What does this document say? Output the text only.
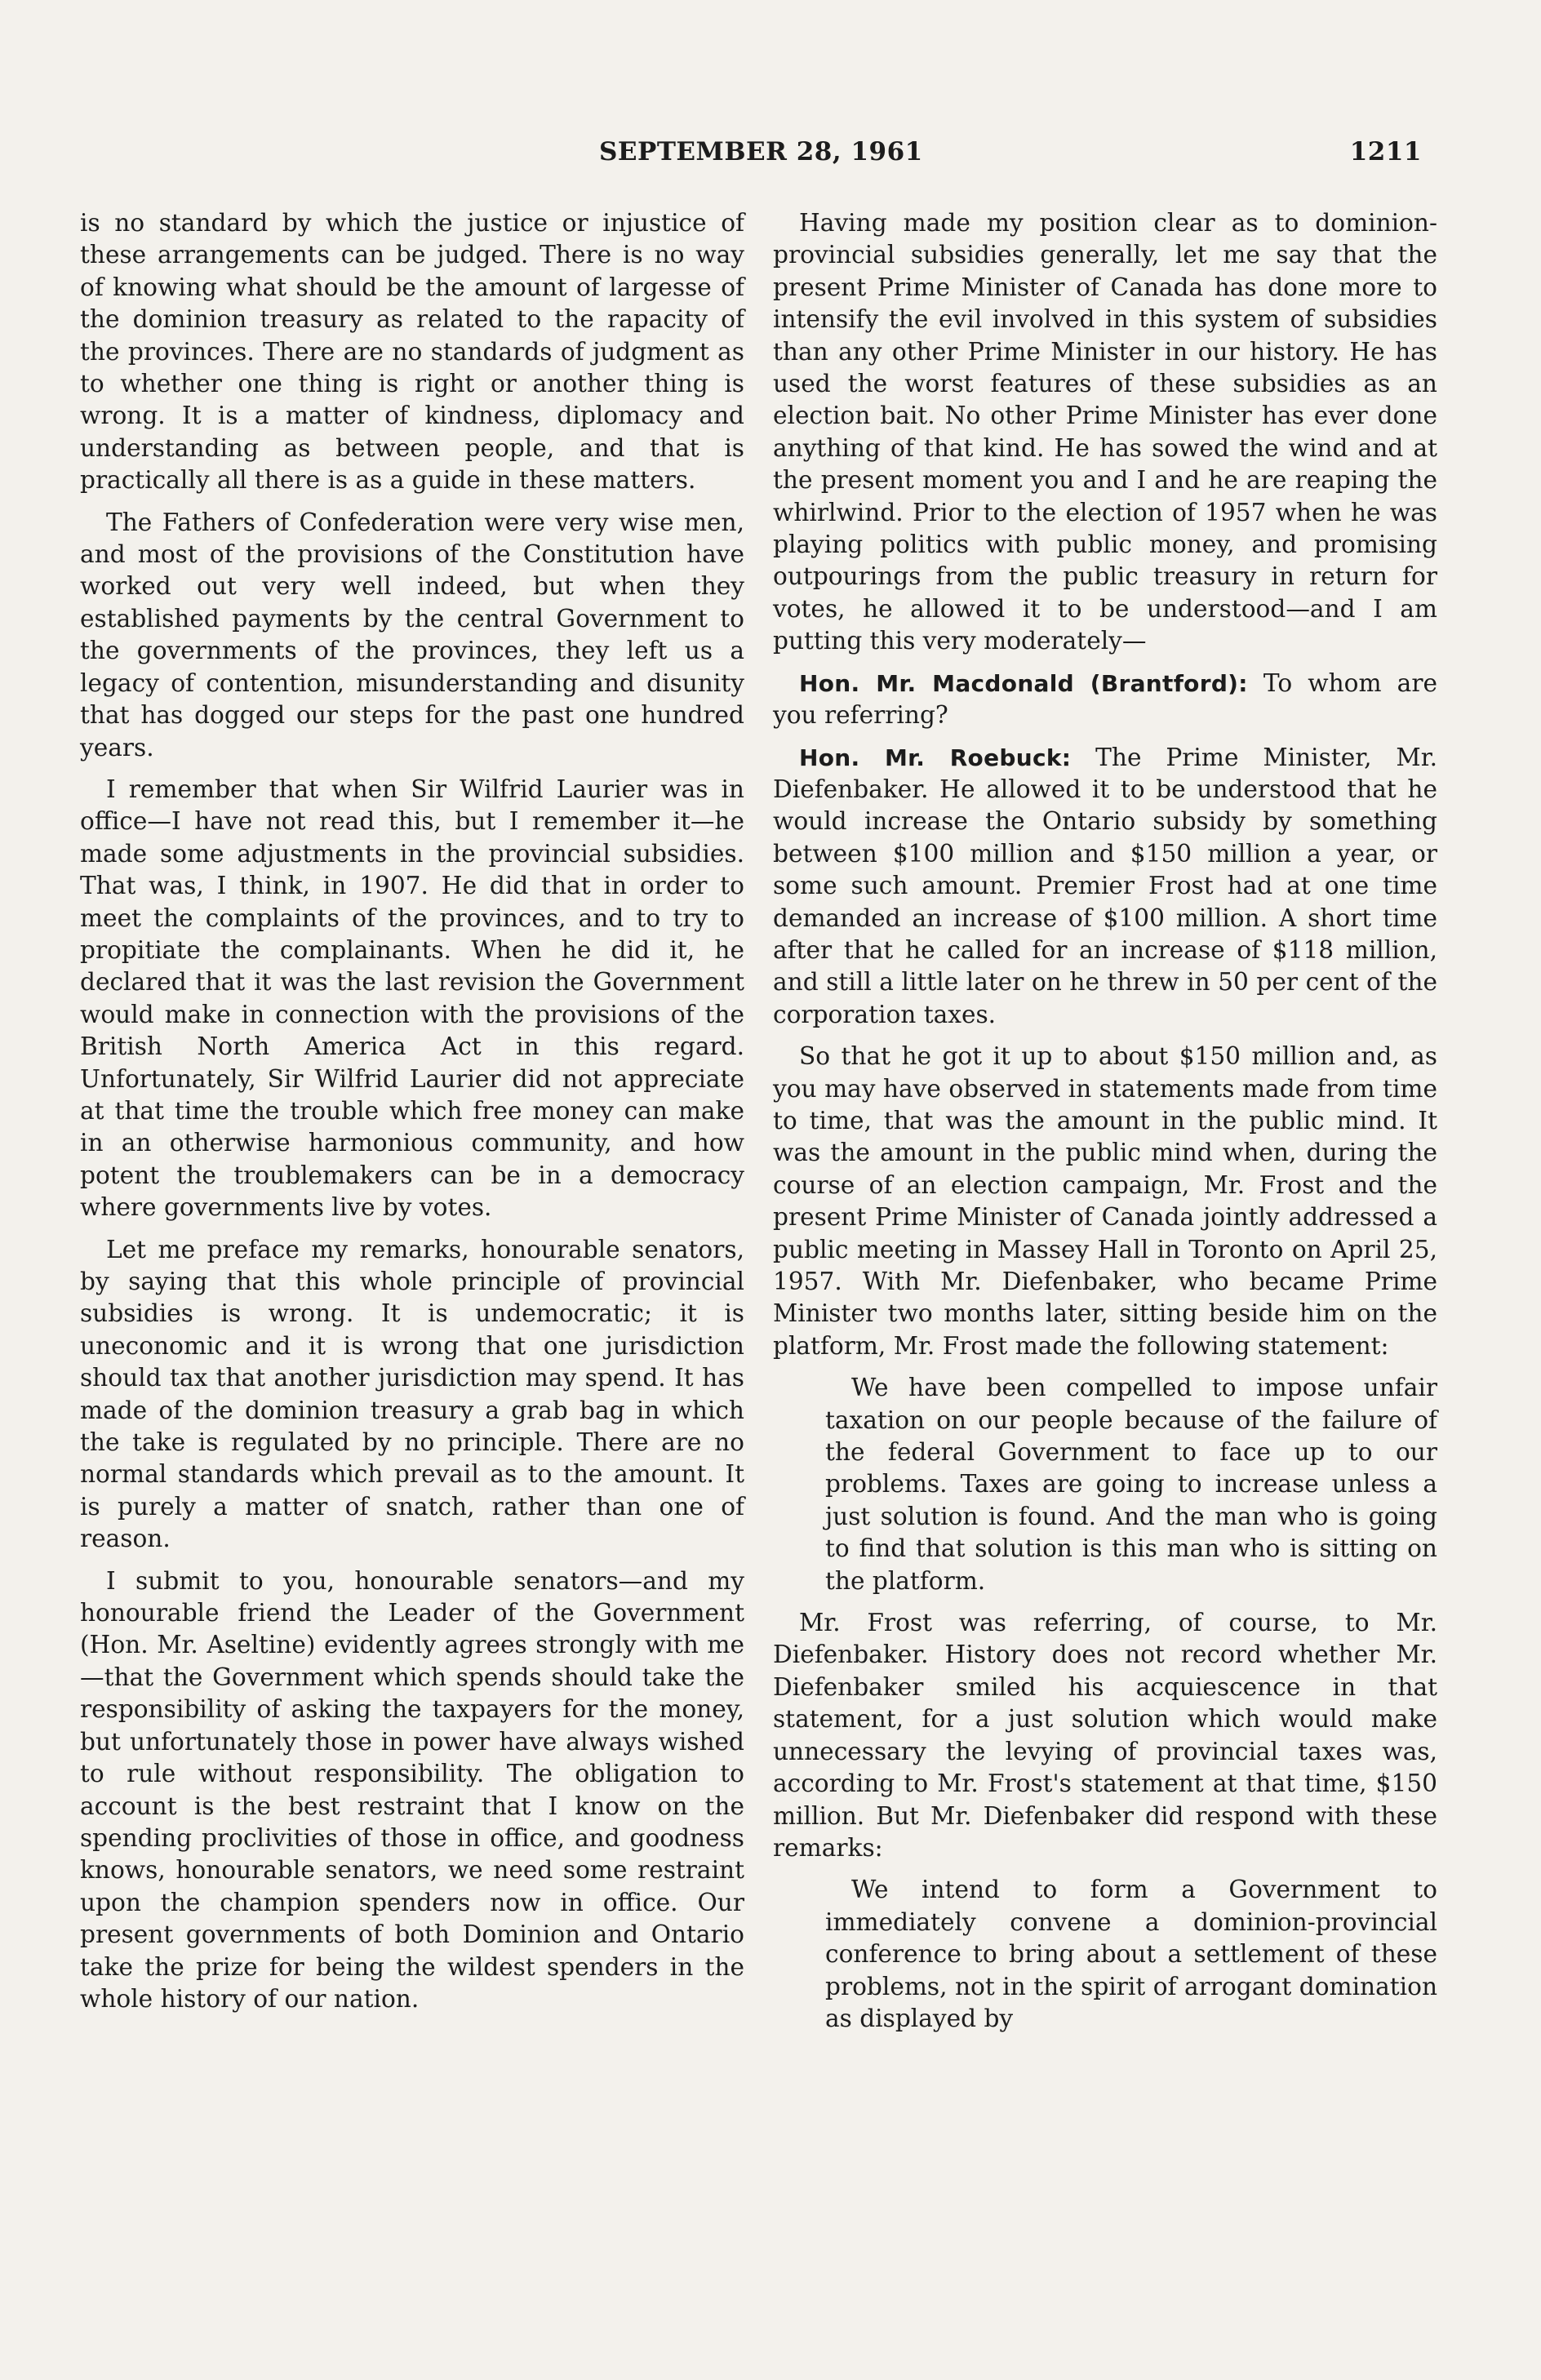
SEPTEMBER 28, 1961	1211

is no standard by which the justice or injustice of these arrangements can be judged. There is no way of knowing what should be the amount of largesse of the dominion treasury as related to the rapacity of the provinces. There are no standards of judgment as to whether one thing is right or another thing is wrong. It is a matter of kindness, diplomacy and understanding as between people, and that is practically all there is as a guide in these matters.

The Fathers of Confederation were very wise men, and most of the provisions of the Constitution have worked out very well indeed, but when they established payments by the central Government to the governments of the provinces, they left us a legacy of contention, misunderstanding and disunity that has dogged our steps for the past one hundred years.

I remember that when Sir Wilfrid Laurier was in office—I have not read this, but I remember it—he made some adjustments in the provincial subsidies. That was, I think, in 1907. He did that in order to meet the complaints of the provinces, and to try to propitiate the complainants. When he did it, he declared that it was the last revision the Government would make in connection with the provisions of the British North America Act in this regard. Unfortunately, Sir Wilfrid Laurier did not appreciate at that time the trouble which free money can make in an otherwise harmonious community, and how potent the troublemakers can be in a democracy where governments live by votes.

Let me preface my remarks, honourable senators, by saying that this whole principle of provincial subsidies is wrong. It is undemocratic; it is uneconomic and it is wrong that one jurisdiction should tax that another jurisdiction may spend. It has made of the dominion treasury a grab bag in which the take is regulated by no principle. There are no normal standards which prevail as to the amount. It is purely a matter of snatch, rather than one of reason.

I submit to you, honourable senators—and my honourable friend the Leader of the Government (Hon. Mr. Aseltine) evidently agrees strongly with me—that the Government which spends should take the responsibility of asking the taxpayers for the money, but unfortunately those in power have always wished to rule without responsibility. The obligation to account is the best restraint that I know on the spending proclivities of those in office, and goodness knows, honourable senators, we need some restraint upon the champion spenders now in office. Our present governments of both Dominion and Ontario take the prize for being the wildest spenders in the whole history of our nation.

Having made my position clear as to dominion-provincial subsidies generally, let me say that the present Prime Minister of Canada has done more to intensify the evil involved in this system of subsidies than any other Prime Minister in our history. He has used the worst features of these subsidies as an election bait. No other Prime Minister has ever done anything of that kind. He has sowed the wind and at the present moment you and I and he are reaping the whirlwind. Prior to the election of 1957 when he was playing politics with public money, and promising outpourings from the public treasury in return for votes, he allowed it to be understood—and I am putting this very moderately—

Hon. Mr. Macdonald (Brantford): To whom are you referring?

Hon. Mr. Roebuck: The Prime Minister, Mr. Diefenbaker. He allowed it to be understood that he would increase the Ontario subsidy by something between $100 million and $150 million a year, or some such amount. Premier Frost had at one time demanded an increase of $100 million. A short time after that he called for an increase of $118 million, and still a little later on he threw in 50 per cent of the corporation taxes.

So that he got it up to about $150 million and, as you may have observed in statements made from time to time, that was the amount in the public mind. It was the amount in the public mind when, during the course of an election campaign, Mr. Frost and the present Prime Minister of Canada jointly addressed a public meeting in Massey Hall in Toronto on April 25, 1957. With Mr. Diefenbaker, who became Prime Minister two months later, sitting beside him on the platform, Mr. Frost made the following statement:

We have been compelled to impose unfair taxation on our people because of the failure of the federal Government to face up to our problems. Taxes are going to increase unless a just solution is found. And the man who is going to find that solution is this man who is sitting on the platform.

Mr. Frost was referring, of course, to Mr. Diefenbaker. History does not record whether Mr. Diefenbaker smiled his acquiescence in that statement, for a just solution which would make unnecessary the levying of provincial taxes was, according to Mr. Frost's statement at that time, $150 million. But Mr. Diefenbaker did respond with these remarks:

We intend to form a Government to immediately convene a dominion-provincial conference to bring about a settlement of these problems, not in the spirit of arrogant domination as displayed by
